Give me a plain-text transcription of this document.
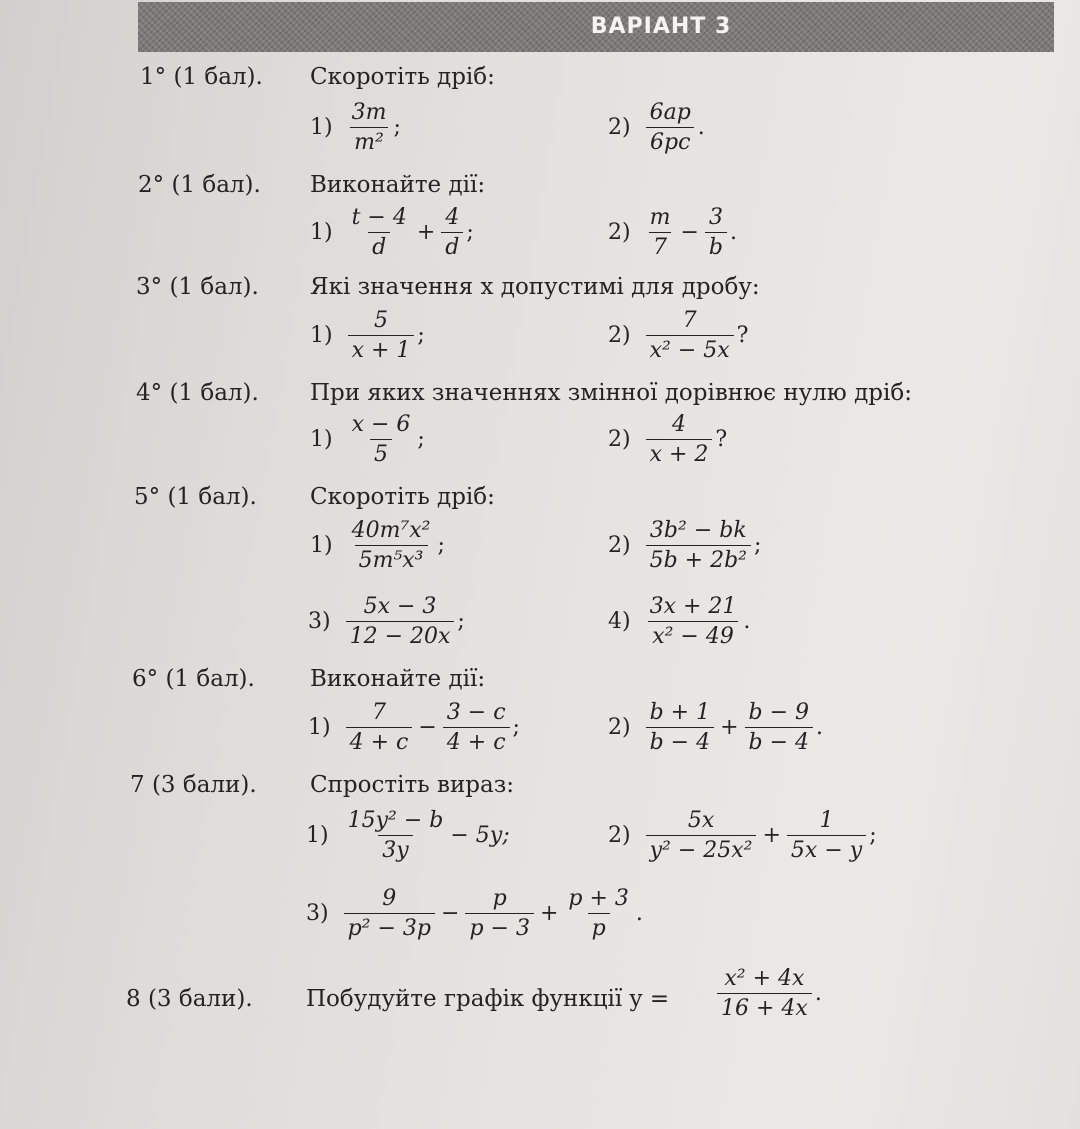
ВАРІАНТ 3
1° (1 бал). Скоротіть дріб:
$1) \frac{3m}{\text{m²}}$ ;	$2) \frac{6ap}{6pc}$ .
2° (1 бал). Виконайте дії:
$1) \frac{t - 4}{d} + \frac{4}{d}$ ;	$2) \frac{m}{7} - \frac{3}{b}$ .
3° (1 бал). Які значення x допустимі для дробу:
$1) \frac{5}{x + 1}$ ;	$2) \frac{7}{\text{x² − 5x}}$ ?
4° (1 бал). При яких значеннях змінної дорівнює нулю дріб:
$1) \frac{x - 6}{5}$ ;	$2) \frac{4}{x + 2}$ ?
5° (1 бал). Скоротіть дріб:
$1) \frac{\text{40m⁷x²}}{\text{5m⁵x³}}$ ;	$2) \frac{\text{3b² − bk}}{\text{5b + 2b²}}$ ;
$3) \frac{5x - 3}{12 - 20x}$ ;	$4) \frac{3x + 21}{\text{x² − 49}}$ .
6° (1 бал). Виконайте дії:
$1) \frac{7}{4 + c} - \frac{3 - c}{4 + c}$ ;	$2) \frac{b + 1}{b - 4} + \frac{b - 9}{b - 4}$ .
7 (3 бали). Спростіть вираз:
$1) \frac{\text{15y² − b}}{3y} - 5y$;	$2) \frac{5x}{\text{y² − 25x²}} + \frac{1}{5x - y}$ ;
$3) \frac{9}{\text{p² − 3p}} - \frac{p}{p - 3} + \frac{p + 3}{p}$ .
8 (3 бали). Побудуйте графік функції $y = \frac{\text{x² + 4x}}{16 + 4x}$ .
